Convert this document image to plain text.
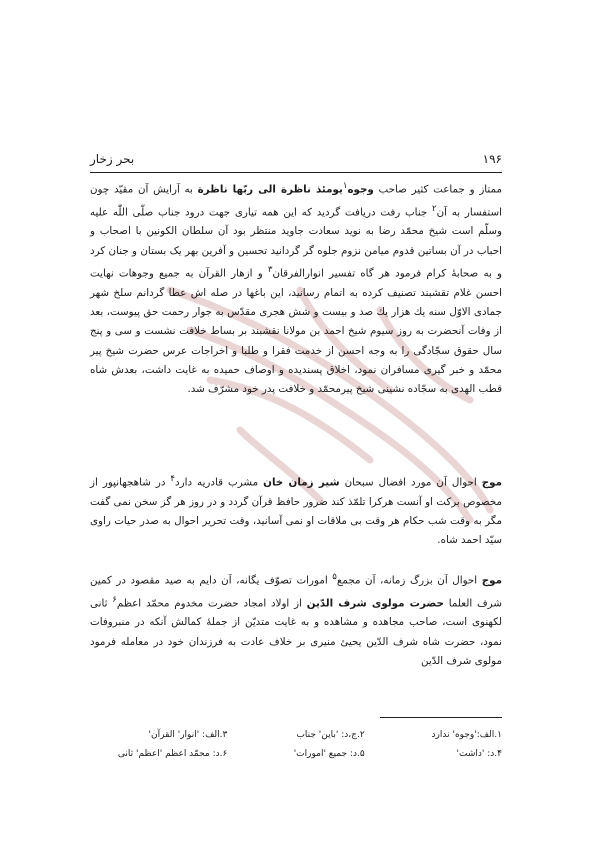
۱۹۶
بحر زخار

ممتاز و جماعت کثیر صاحب وجوه$^۱$یومئذ ناظرة الی ربّها ناظرة به آرایش آن مقیّد چون استفسار به آن$^۲$ جناب رفت دریافت گردید که این همه تیاری جهت درود جناب صلّی اللّٰه علیه وسلّم است شیخ محمّد رضا به نوید سعادت جاوید منتظر بود آن سلطان الکونین با اصحاب و احباب در آن بساتین قدوم میامن نزوم جلوه گر گردانید تحسین و آفرین بهر یک بستان و جنان کرد و به صحابهٔ کرام فرمود هر گاه تفسیر انوارالفرقان$^۳$ و ازهار القرآن به جمیع وجوهات نهایت احسن غلام تقشبند تصنیف کرده به اتمام رسانید، این باغها در صله اش عطا گردانم سلخ شهر جمادی الاوّل سنه یك هزار یك صد و بیست و شش هجری مقدّس به جوار رحمت حق پیوست، بعد از وفات آنحضرت به روز سیوم شیخ احمد بن مولانا نقشبند بر بساط خلافت نشست و سی و پنج سال حقوق سجّادگی را به وجه احسن از خدمت فقرا و طلبا و اخراجات عرس حضرت شیخ پیر محمّد و خبر گیری مسافران نمود، اخلاق پسندیده و اوصاف حمیده به غایت داشت، بعدش شاه قطب الهدی به سجّاده نشینی شیخ پیرمحمّد و خلافت پدر خود مشرّف شد.

موج احوال آن مورد افضال سبحان شیر زمان خان مشرب قادریه دارد$^۴$ در شاهجهانپور از مخصوص برکت او آنست هرکرا تلمّذ کند ضرور حافظ قرآن گردد و در روز هر گز سخن نمی گفت مگر به وقت شب حکام هر وقت بی ملاقات او نمی آسانید، وقت تحریر احوال به صدر حیات راوی سیّد احمد شاه.

موج احوال آن بزرگ زمانه، آن مجمع$^۵$ امورات تصوّف یگانه، آن دایم به صید مقصود در کمین شرف العلما حضرت مولوی شرف الدّین از اولاد امجاد حضرت مخدوم محمّد اعظم$^۶$ ثانی لکهنوی است، صاحب مجاهده و مشاهده و به غایت متدیّن از جملهٔ کمالش آنکه در منبروفات نمود، حضرت شاه شرف الدّین یحیئ منیری بر خلاف عادت به فرزندان خود در معامله فرمود مولوی شرف الدّین

۱.الف:'وجوه' ندارد
۲.ج،د: 'باین' جناب
۳.الف: 'انوار' القرآن'
۴.د: 'داشت'
۵.د: جمیع 'امورات'
۶.د: محمّد اعظم 'اعظم' ثانی
